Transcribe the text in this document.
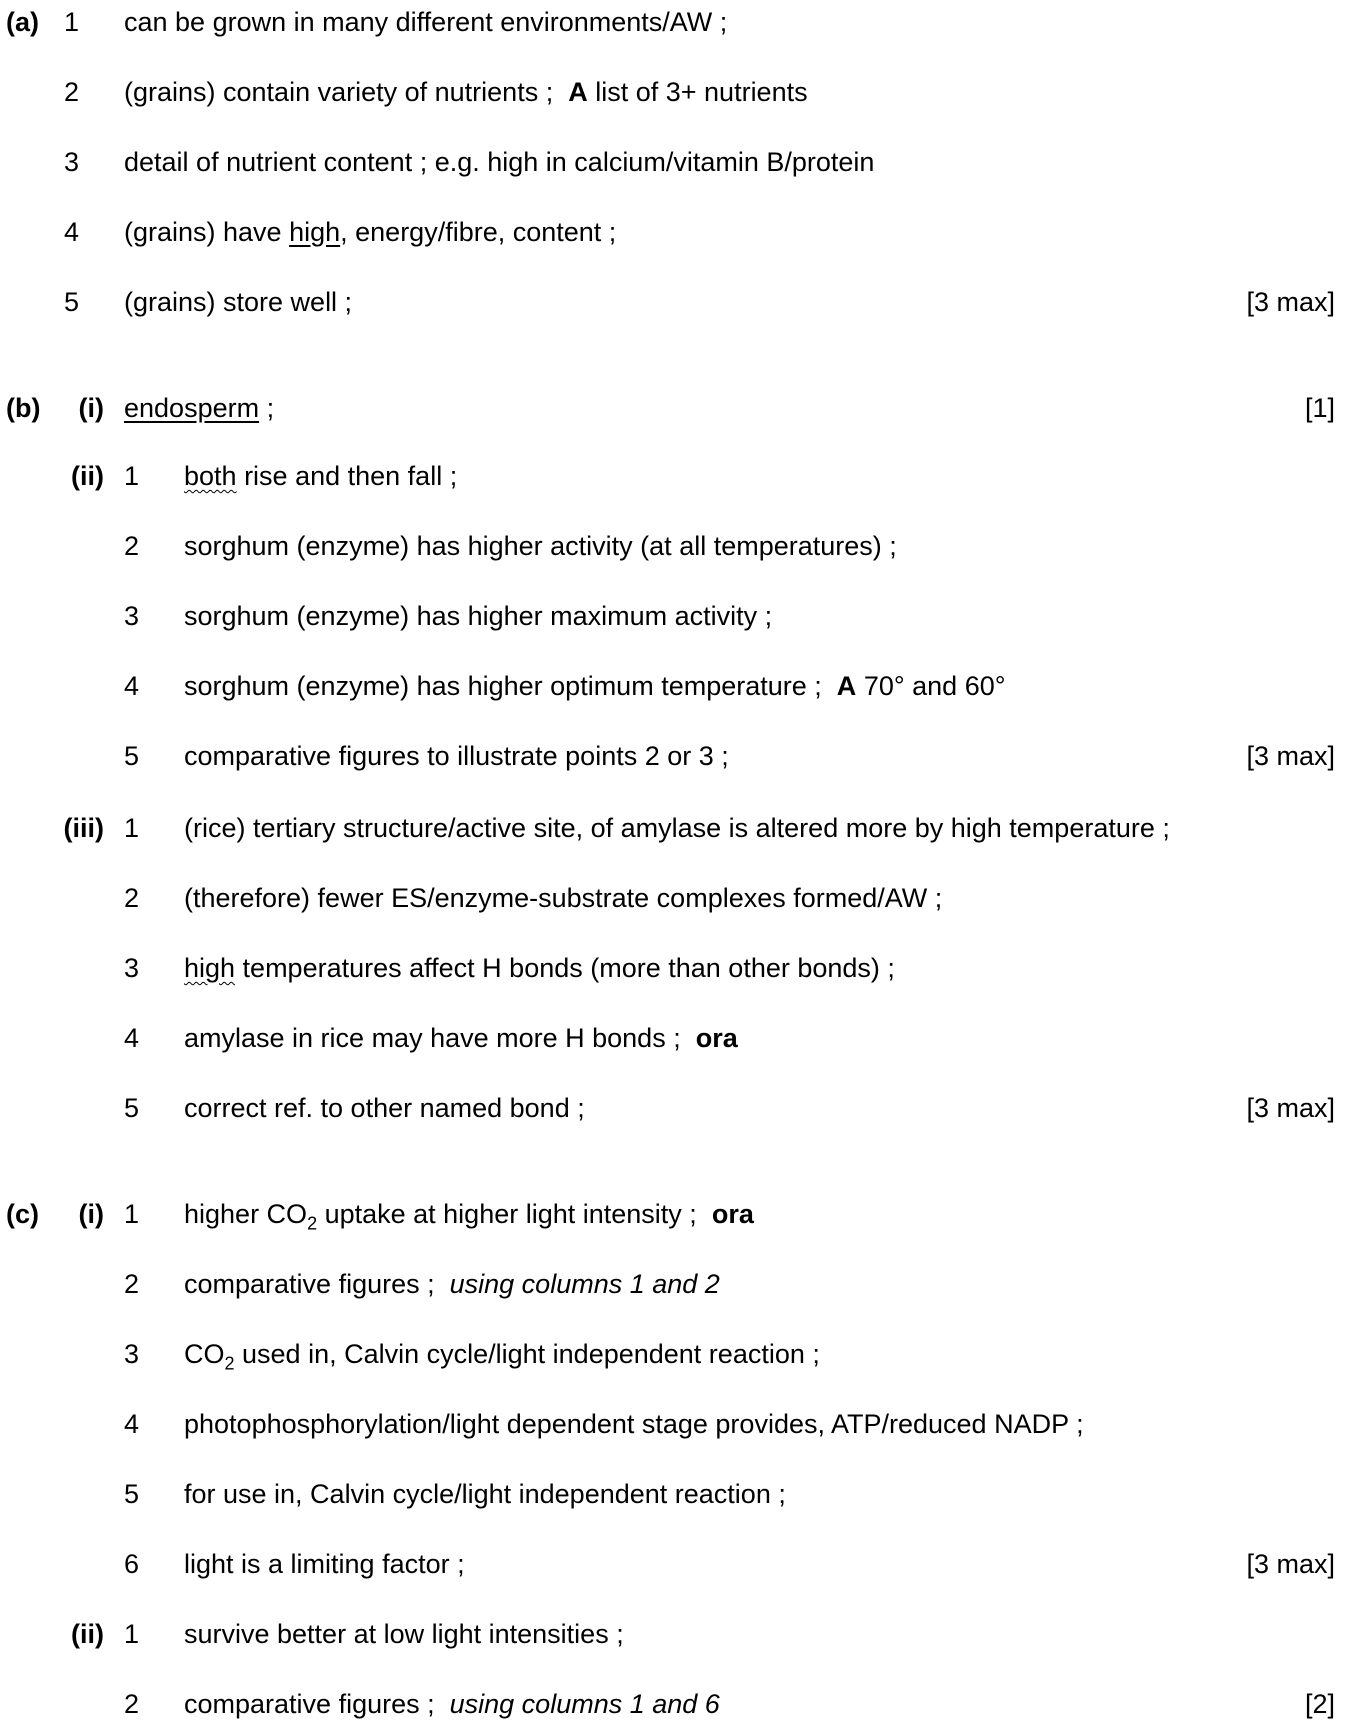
(a) 1 can be grown in many different environments/AW ;
2 (grains) contain variety of nutrients ; A list of 3+ nutrients
3 detail of nutrient content ; e.g. high in calcium/vitamin B/protein
4 (grains) have high, energy/fibre, content ;
5 (grains) store well ;	[3 max]
(b)	(i) endosperm ;	[1]
(ii) 1 both rise and then fall ;
2 sorghum (enzyme) has higher activity (at all temperatures) ;
3 sorghum (enzyme) has higher maximum activity ;
4 sorghum (enzyme) has higher optimum temperature ; A 70° and 60°
5 comparative figures to illustrate points 2 or 3 ;	[3 max]
(iii) 1 (rice) tertiary structure/active site, of amylase is altered more by high temperature ;
2 (therefore) fewer ES/enzyme-substrate complexes formed/AW ;
3 high temperatures affect H bonds (more than other bonds) ;
4 amylase in rice may have more H bonds ; ora
5 correct ref. to other named bond ;	[3 max]
(c)	(i) 1 higher $CO_2$ uptake at higher light intensity ; ora
2 comparative figures ; using columns 1 and 2
3 $CO_2$ used in, Calvin cycle/light independent reaction ;
4 photophosphorylation/light dependent stage provides, ATP/reduced NADP ;
5 for use in, Calvin cycle/light independent reaction ;
6 light is a limiting factor ;	[3 max]
(ii) 1 survive better at low light intensities ;
2 comparative figures ; using columns 1 and 6	[2]
